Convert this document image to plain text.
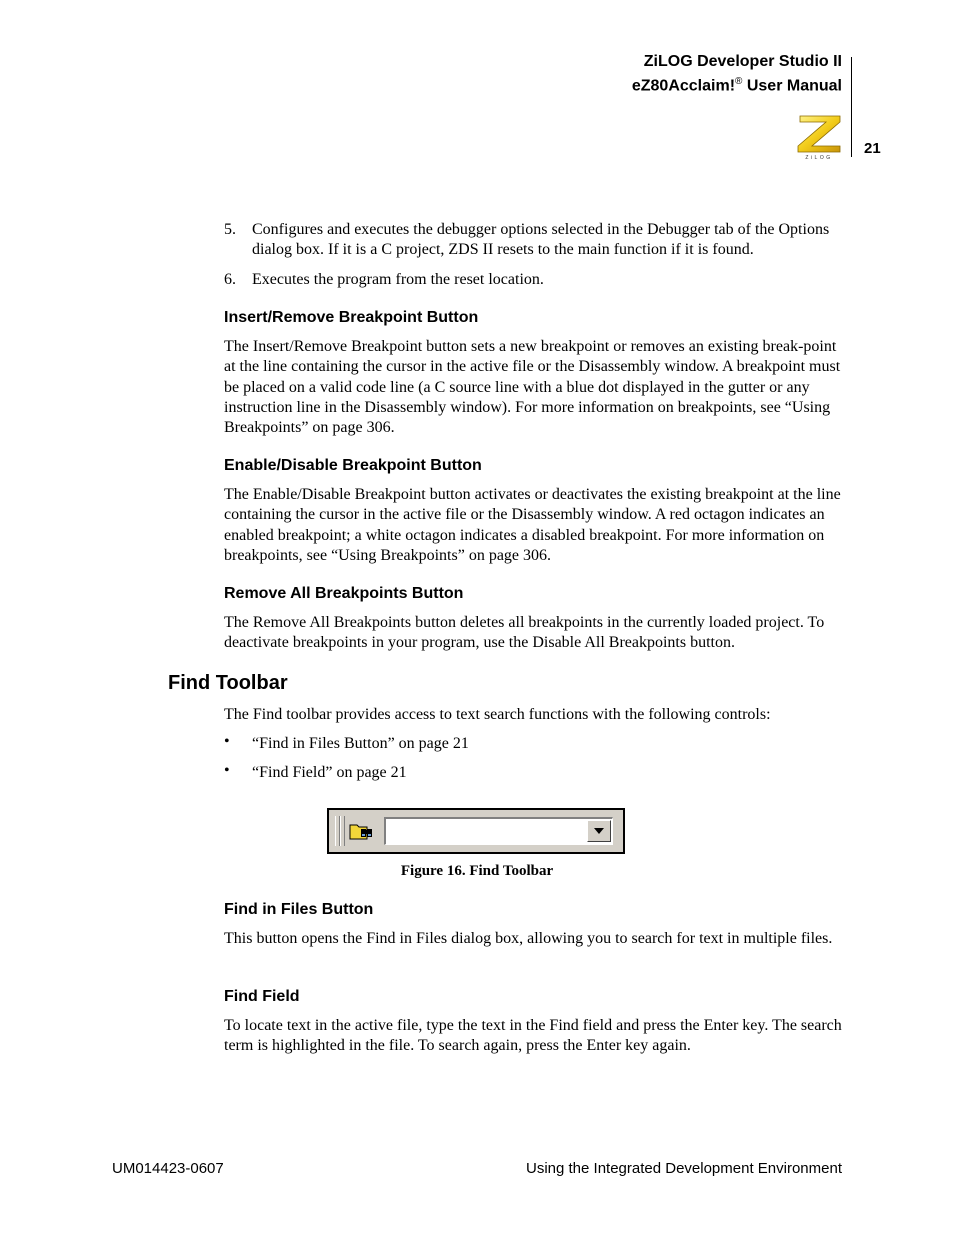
ZiLOG Developer Studio II
eZ80Acclaim!® User Manual
21
ZiLOG
5. Configures and executes the debugger options selected in the Debugger tab of the Options dialog box. If it is a C project, ZDS II resets to the main function if it is found.
6. Executes the program from the reset location.
Insert/Remove Breakpoint Button
The Insert/Remove Breakpoint button sets a new breakpoint or removes an existing break-point at the line containing the cursor in the active file or the Disassembly window. A breakpoint must be placed on a valid code line (a C source line with a blue dot displayed in the gutter or any instruction line in the Disassembly window). For more information on breakpoints, see “Using Breakpoints” on page 306.
Enable/Disable Breakpoint Button
The Enable/Disable Breakpoint button activates or deactivates the existing breakpoint at the line containing the cursor in the active file or the Disassembly window. A red octagon indicates an enabled breakpoint; a white octagon indicates a disabled breakpoint. For more information on breakpoints, see “Using Breakpoints” on page 306.
Remove All Breakpoints Button
The Remove All Breakpoints button deletes all breakpoints in the currently loaded project. To deactivate breakpoints in your program, use the Disable All Breakpoints button.
Find Toolbar
The Find toolbar provides access to text search functions with the following controls:
• “Find in Files Button” on page 21
• “Find Field” on page 21
Figure 16. Find Toolbar
Find in Files Button
This button opens the Find in Files dialog box, allowing you to search for text in multiple files.
Find Field
To locate text in the active file, type the text in the Find field and press the Enter key. The search term is highlighted in the file. To search again, press the Enter key again.
UM014423-0607	Using the Integrated Development Environment
